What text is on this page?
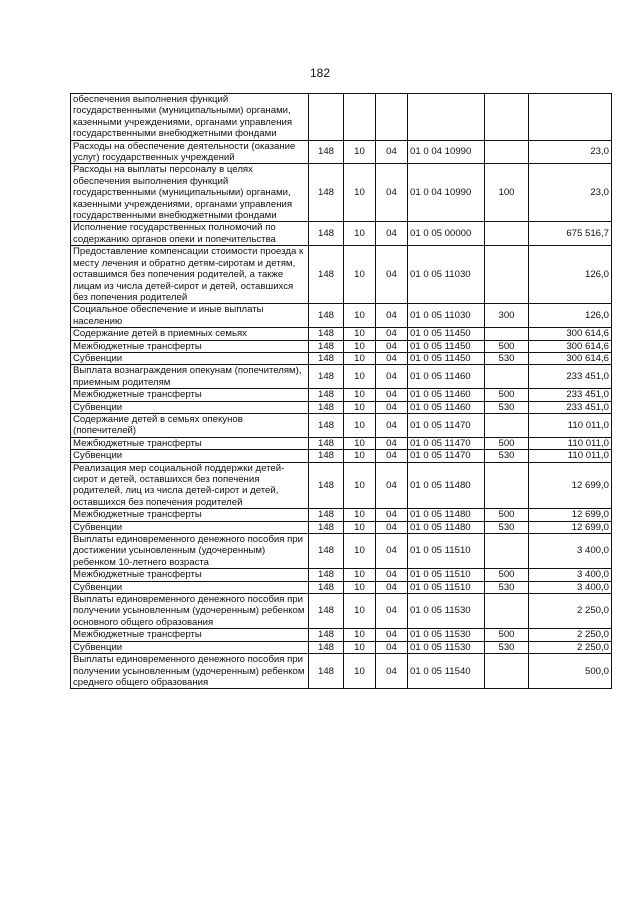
182
обеспечения выполнения функций государственными (муниципальными) органами, казенными учреждениями, органами управления государственными внебюджетными фондами						
Расходы на обеспечение деятельности (оказание услуг) государственных учреждений	148	10	04	01 0 04 10990		23,0
Расходы на выплаты персоналу в целях обеспечения выполнения функций государственными (муниципальными) органами, казенными учреждениями, органами управления государственными внебюджетными фондами	148	10	04	01 0 04 10990	100	23,0
Исполнение государственных полномочий по содержанию органов опеки и попечительства	148	10	04	01 0 05 00000		675 516,7
Предоставление компенсации стоимости проезда к месту лечения и обратно детям-сиротам и детям, оставшимся без попечения родителей, а также лицам из числа детей-сирот и детей, оставшихся без попечения родителей	148	10	04	01 0 05 11030		126,0
Социальное обеспечение и иные выплаты населению	148	10	04	01 0 05 11030	300	126,0
Содержание детей в приемных семьях	148	10	04	01 0 05 11450		300 614,6
Межбюджетные трансферты	148	10	04	01 0 05 11450	500	300 614,6
Субвенции	148	10	04	01 0 05 11450	530	300 614,6
Выплата вознаграждения опекунам (попечителям), приемным родителям	148	10	04	01 0 05 11460		233 451,0
Межбюджетные трансферты	148	10	04	01 0 05 11460	500	233 451,0
Субвенции	148	10	04	01 0 05 11460	530	233 451,0
Содержание детей в семьях опекунов (попечителей)	148	10	04	01 0 05 11470		110 011,0
Межбюджетные трансферты	148	10	04	01 0 05 11470	500	110 011,0
Субвенции	148	10	04	01 0 05 11470	530	110 011,0
Реализация мер социальной поддержки детей-сирот и детей, оставшихся без попечения родителей, лиц из числа детей-сирот и детей, оставшихся без попечения родителей	148	10	04	01 0 05 11480		12 699,0
Межбюджетные трансферты	148	10	04	01 0 05 11480	500	12 699,0
Субвенции	148	10	04	01 0 05 11480	530	12 699,0
Выплаты единовременного денежного пособия при достижении усыновленным (удочеренным) ребенком 10-летнего возраста	148	10	04	01 0 05 11510		3 400,0
Межбюджетные трансферты	148	10	04	01 0 05 11510	500	3 400,0
Субвенции	148	10	04	01 0 05 11510	530	3 400,0
Выплаты единовременного денежного пособия при получении усыновленным (удочеренным) ребенком основного общего образования	148	10	04	01 0 05 11530		2 250,0
Межбюджетные трансферты	148	10	04	01 0 05 11530	500	2 250,0
Субвенции	148	10	04	01 0 05 11530	530	2 250,0
Выплаты единовременного денежного пособия при получении усыновленным (удочеренным) ребенком среднего общего образования	148	10	04	01 0 05 11540		500,0
